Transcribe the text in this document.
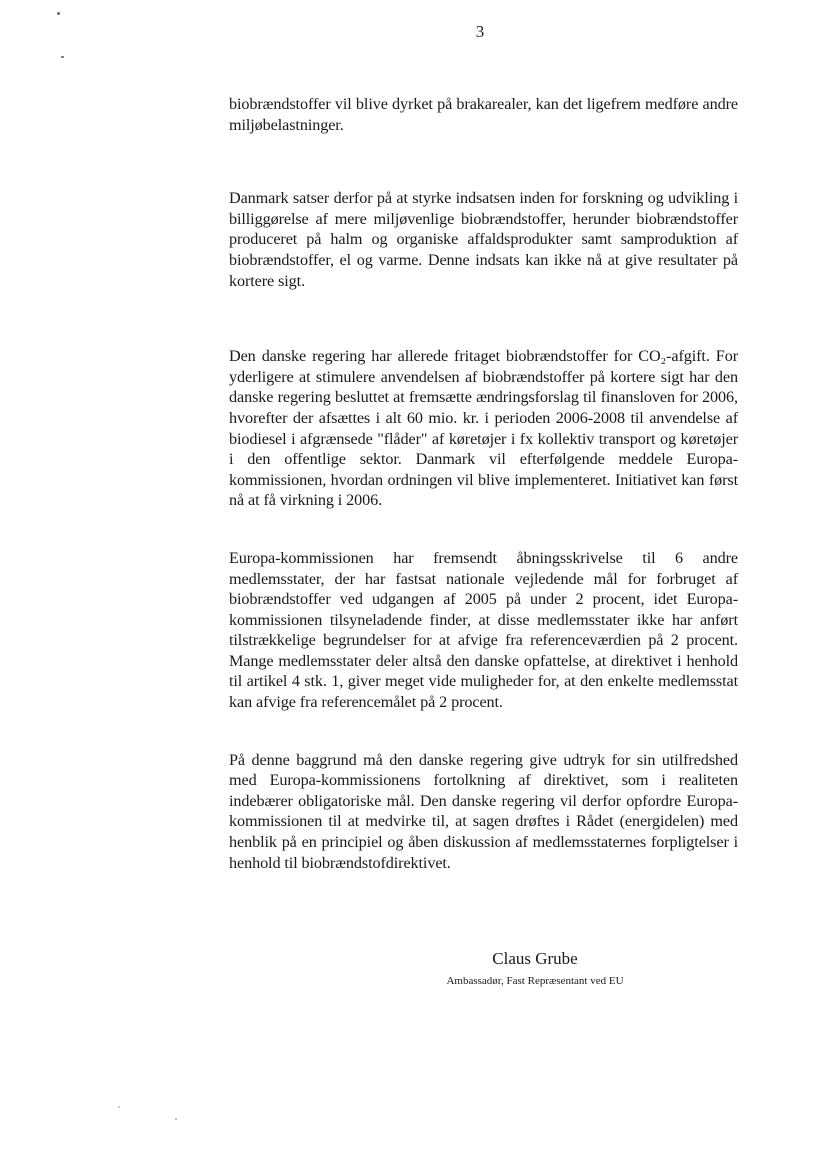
3

biobrændstoffer vil blive dyrket på brakarealer, kan det ligefrem medføre andre miljøbelastninger.

Danmark satser derfor på at styrke indsatsen inden for forskning og udvikling i billiggørelse af mere miljøvenlige biobrændstoffer, herunder biobrændstoffer produceret på halm og organiske affaldsprodukter samt samproduktion af biobrændstoffer, el og varme. Denne indsats kan ikke nå at give resultater på kortere sigt.

Den danske regering har allerede fritaget biobrændstoffer for CO₂-afgift. For yderligere at stimulere anvendelsen af biobrændstoffer på kortere sigt har den danske regering besluttet at fremsætte ændringsforslag til finansloven for 2006, hvorefter der afsættes i alt 60 mio. kr. i perioden 2006-2008 til anvendelse af biodiesel i afgrænsede "flåder" af køretøjer i fx kollektiv transport og køretøjer i den offentlige sektor. Danmark vil efterfølgende meddele Europa-kommissionen, hvordan ordningen vil blive implementeret. Initiativet kan først nå at få virkning i 2006.

Europa-kommissionen har fremsendt åbningsskrivelse til 6 andre medlemsstater, der har fastsat nationale vejledende mål for forbruget af biobrændstoffer ved udgangen af 2005 på under 2 procent, idet Europa-kommissionen tilsyneladende finder, at disse medlemsstater ikke har anført tilstrækkelige begrundelser for at afvige fra referenceværdien på 2 procent. Mange medlemsstater deler altså den danske opfattelse, at direktivet i henhold til artikel 4 stk. 1, giver meget vide muligheder for, at den enkelte medlemsstat kan afvige fra referencemålet på 2 procent.

På denne baggrund må den danske regering give udtryk for sin utilfredshed med Europa-kommissionens fortolkning af direktivet, som i realiteten indebærer obligatoriske mål. Den danske regering vil derfor opfordre Europa-kommissionen til at medvirke til, at sagen drøftes i Rådet (energidelen) med henblik på en principiel og åben diskussion af medlemsstaternes forpligtelser i henhold til biobrændstofdirektivet.

Claus Grube
Ambassadør, Fast Repræsentant ved EU
